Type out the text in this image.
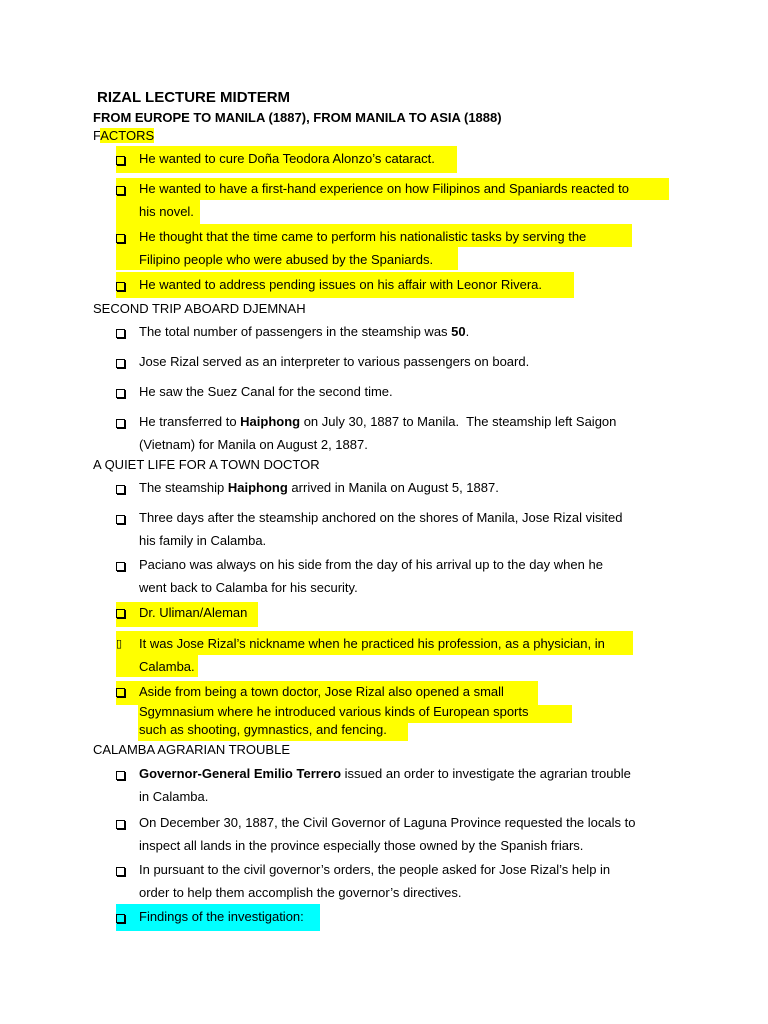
RIZAL LECTURE MIDTERM
FROM EUROPE TO MANILA (1887), FROM MANILA TO ASIA (1888)
FACTORS
He wanted to cure Doña Teodora Alonzo’s cataract.
He wanted to have a first-hand experience on how Filipinos and Spaniards reacted to
his novel.
He thought that the time came to perform his nationalistic tasks by serving the
Filipino people who were abused by the Spaniards.
He wanted to address pending issues on his affair with Leonor Rivera.
SECOND TRIP ABOARD DJEMNAH
The total number of passengers in the steamship was 50.
Jose Rizal served as an interpreter to various passengers on board.
He saw the Suez Canal for the second time.
He transferred to Haiphong on July 30, 1887 to Manila.  The steamship left Saigon
(Vietnam) for Manila on August 2, 1887.
A QUIET LIFE FOR A TOWN DOCTOR
The steamship Haiphong arrived in Manila on August 5, 1887.
Three days after the steamship anchored on the shores of Manila, Jose Rizal visited
his family in Calamba.
Paciano was always on his side from the day of his arrival up to the day when he
went back to Calamba for his security.
Dr. Uliman/Aleman
▯ It was Jose Rizal’s nickname when he practiced his profession, as a physician, in
Calamba.
Aside from being a town doctor, Jose Rizal also opened a small
Sgymnasium where he introduced various kinds of European sports
such as shooting, gymnastics, and fencing.
CALAMBA AGRARIAN TROUBLE
Governor-General Emilio Terrero issued an order to investigate the agrarian trouble
in Calamba.
On December 30, 1887, the Civil Governor of Laguna Province requested the locals to
inspect all lands in the province especially those owned by the Spanish friars.
In pursuant to the civil governor’s orders, the people asked for Jose Rizal’s help in
order to help them accomplish the governor’s directives.
Findings of the investigation:
